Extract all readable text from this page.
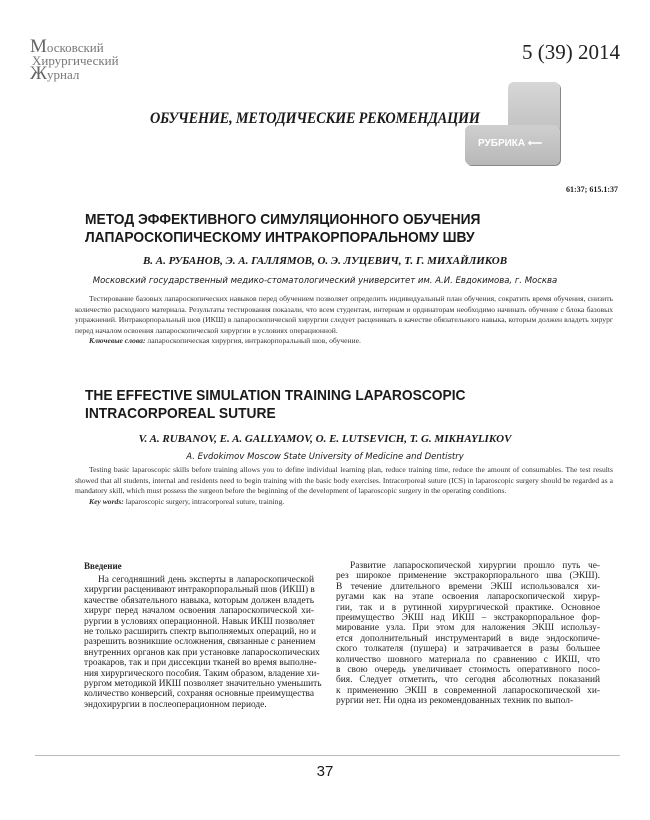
Московский
Хирургический
Журнал
5 (39) 2014
РУБРИКА ⟵
ОБУЧЕНИЕ, МЕТОДИЧЕСКИЕ РЕКОМЕНДАЦИИ
61:37; 615.1:37
МЕТОД ЭФФЕКТИВНОГО СИМУЛЯЦИОННОГО ОБУЧЕНИЯ
ЛАПАРОСКОПИЧЕСКОМУ ИНТРАКОРПОРАЛЬНОМУ ШВУ
В. А. РУБАНОВ, Э. А. ГАЛЛЯМОВ, О. Э. ЛУЦЕВИЧ, Т. Г. МИХАЙЛИКОВ
Московский государственный медико-стоматологический университет им. А.И. Евдокимова, г. Москва

Тестирование базовых лапароскопических навыков перед обучением позволяет определить индивидуальный план обучения, сократить время обучения, снизить количество расходного материала. Результаты тестирования показали, что всем студентам, интернам и ординаторам необходимо начинать обучение с блока базовых упражнений. Интракорпоральный шов (ИКШ) в лапароскопической хирургии следует расценивать в качестве обязательного навыка, которым должен владеть хирург перед началом освоения лапароскопической хирургии в условиях операционной.

Ключевые слова: лапароскопическая хирургия, интракорпоральный шов, обучение.

THE EFFECTIVE SIMULATION TRAINING LAPAROSCOPIC
INTRACORPOREAL SUTURE
V. A. RUBANOV, E. A. GALLYAMOV, O. E. LUTSEVICH, T. G. MIKHAYLIKOV
A. Evdokimov Moscow State University of Medicine and Dentistry

Testing basic laparoscopic skills before training allows you to define individual learning plan, reduce training time, reduce the amount of consumables. The test results showed that all students, internal and residents need to begin training with the basic body exercises. Intracorporeal suture (ICS) in laparoscopic surgery should be regarded as a mandatory skill, which must possess the surgeon before the beginning of the development of laparoscopic surgery in the operating conditions.

Key words: laparoscopic surgery, intracorporeal suture, training.

Введение
На сегодняшний день эксперты в лапароскопической
хирургии расценивают интракорпоральный шов (ИКШ) в
качестве обязательного навыка, которым должен владеть
хирург перед началом освоения лапароскопической хи-
рургии в условиях операционной. Навык ИКШ позволяет
не только расширить спектр выполняемых операций, но и
разрешить возникшие осложнения, связанные с ранением
внутренних органов как при установке лапароскопических
троакаров, так и при диссекции тканей во время выполне-
ния хирургического пособия. Таким образом, владение хи-
рургом методикой ИКШ позволяет значительно уменьшить
количество конверсий, сохраняя основные преимущества
эндохирургии в послеоперационном периоде.
Развитие лапароскопической хирургии прошло путь че-
рез широкое применение экстракорпорального шва (ЭКШ).
В течение длительного времени ЭКШ использовался хи-
ругами как на этапе освоения лапароскопической хирур-
гии, так и в рутинной хирургической практике. Основное
преимущество ЭКШ над ИКШ – экстракорпоральное фор-
мирование узла. При этом для наложения ЭКШ использу-
ется дополнительный инструментарий в виде эндоскопиче-
ского толкателя (пушера) и затрачивается в разы большее
количество шовного материала по сравнению с ИКШ, что
в свою очередь увеличивает стоимость оперативного посо-
бия. Следует отметить, что сегодня абсолютных показаний
к применению ЭКШ в современной лапароскопической хи-
рургии нет. Ни одна из рекомендованных техник по выпол-
37
